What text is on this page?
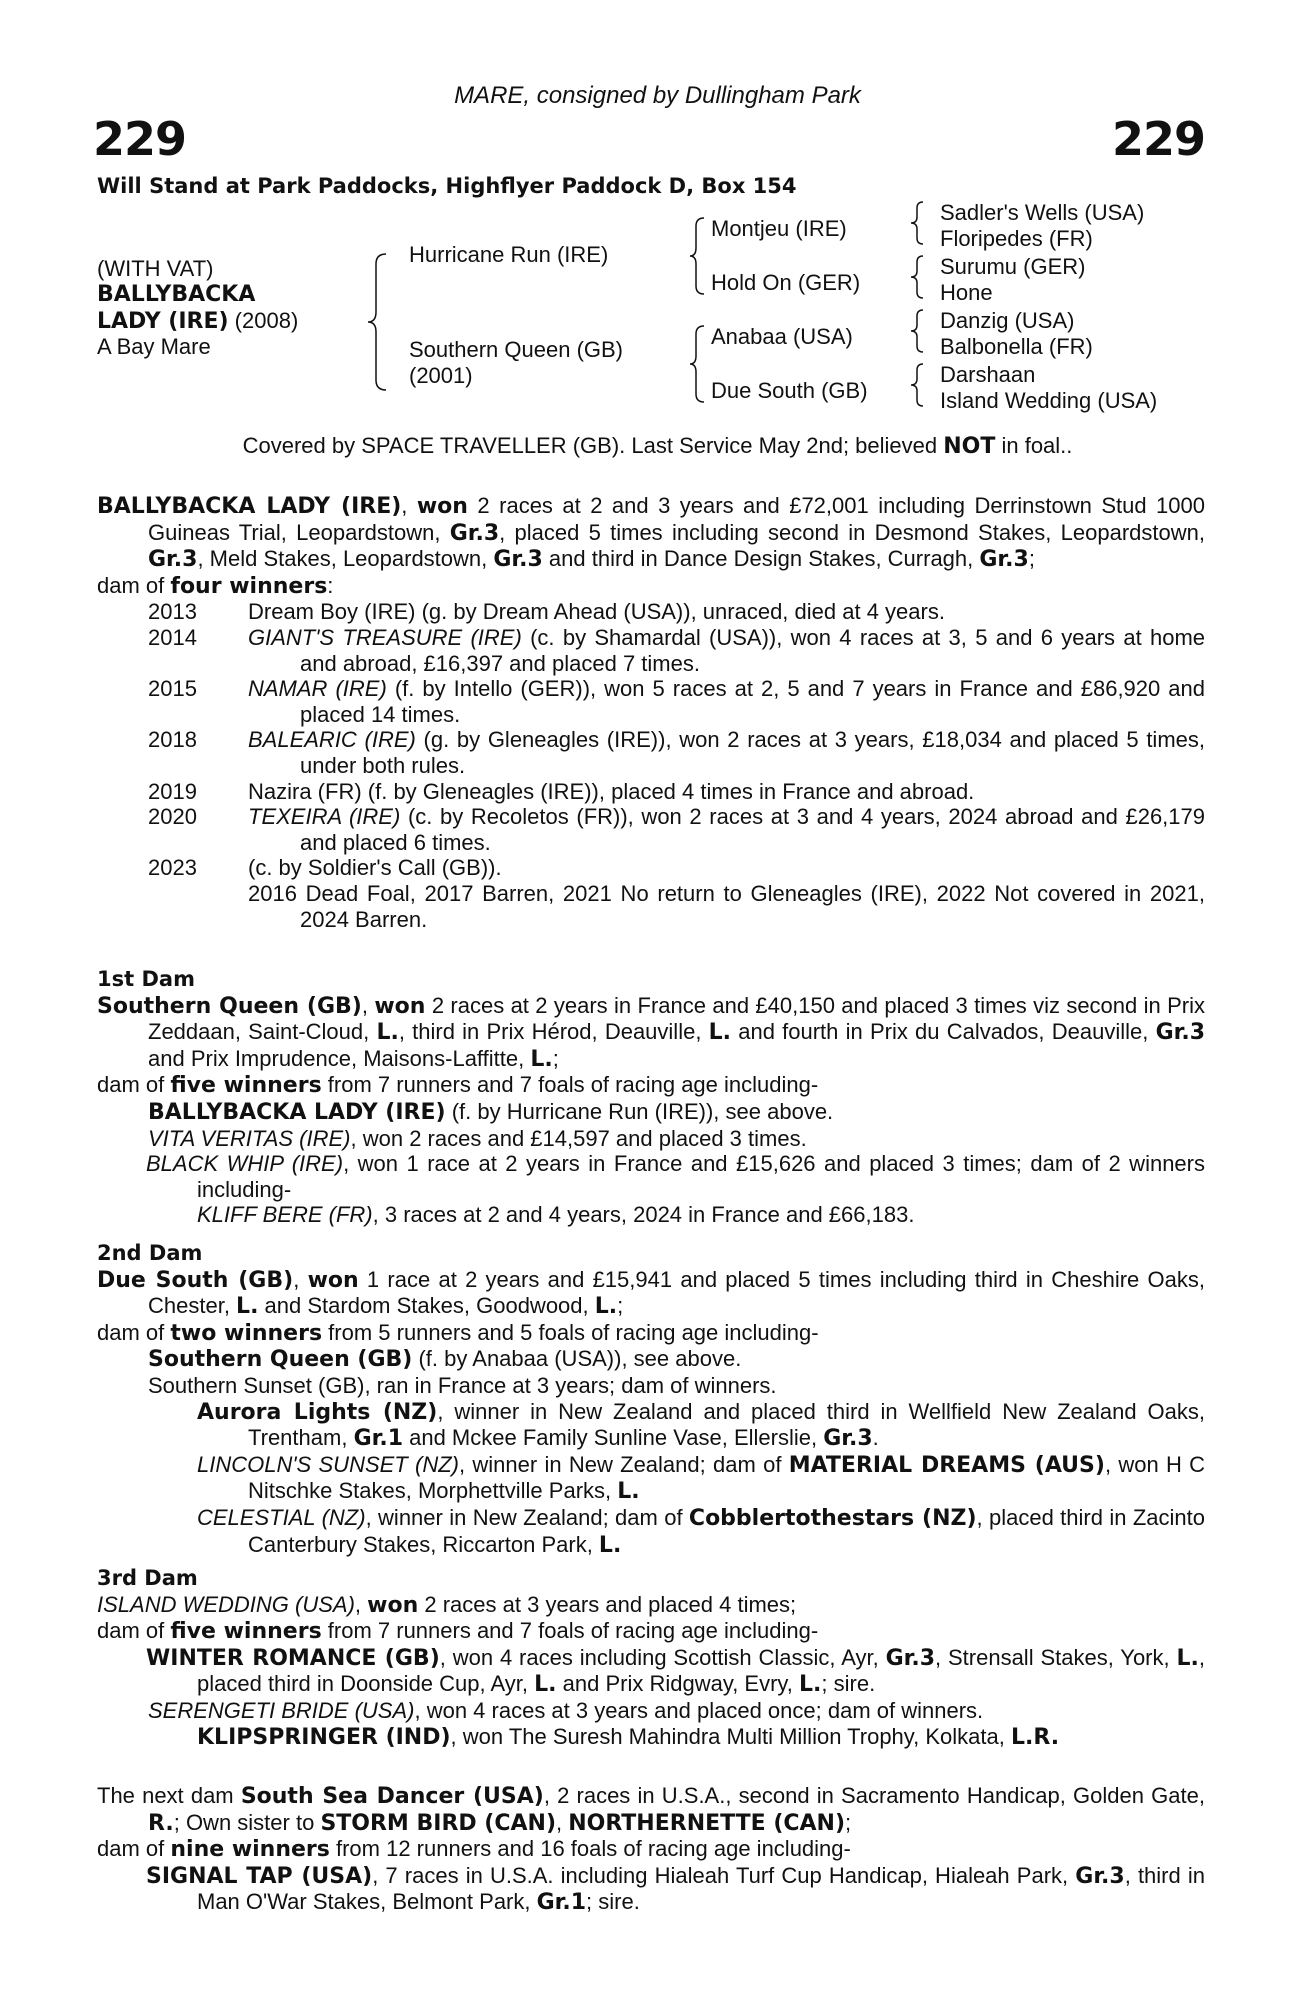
MARE, consigned by Dullingham Park
229	229
Will Stand at Park Paddocks, Highflyer Paddock D, Box 154
(WITH VAT)
BALLYBACKA
LADY (IRE) (2008)
A Bay Mare
Hurricane Run (IRE)
Southern Queen (GB)
(2001)
Montjeu (IRE)
Hold On (GER)
Anabaa (USA)
Due South (GB)
Sadler's Wells (USA)
Floripedes (FR)
Surumu (GER)
Hone
Danzig (USA)
Balbonella (FR)
Darshaan
Island Wedding (USA)
Covered by SPACE TRAVELLER (GB). Last Service May 2nd; believed NOT in foal..

BALLYBACKA LADY (IRE), won 2 races at 2 and 3 years and £72,001 including Derrinstown Stud 1000 Guineas Trial, Leopardstown, Gr.3, placed 5 times including second in Desmond Stakes, Leopardstown, Gr.3, Meld Stakes, Leopardstown, Gr.3 and third in Dance Design Stakes, Curragh, Gr.3;

dam of four winners:

2013	Dream Boy (IRE) (g. by Dream Ahead (USA)), unraced, died at 4 years.
2014	GIANT'S TREASURE (IRE) (c. by Shamardal (USA)), won 4 races at 3, 5 and 6 years at home and abroad, £16,397 and placed 7 times.
2015	NAMAR (IRE) (f. by Intello (GER)), won 5 races at 2, 5 and 7 years in France and £86,920 and placed 14 times.
2018	BALEARIC (IRE) (g. by Gleneagles (IRE)), won 2 races at 3 years, £18,034 and placed 5 times, under both rules.
2019	Nazira (FR) (f. by Gleneagles (IRE)), placed 4 times in France and abroad.
2020	TEXEIRA (IRE) (c. by Recoletos (FR)), won 2 races at 3 and 4 years, 2024 abroad and £26,179 and placed 6 times.
2023	(c. by Soldier's Call (GB)).
2016 Dead Foal, 2017 Barren, 2021 No return to Gleneagles (IRE), 2022 Not covered in 2021, 2024 Barren.

1st Dam

Southern Queen (GB), won 2 races at 2 years in France and £40,150 and placed 3 times viz second in Prix Zeddaan, Saint-Cloud, L., third in Prix Hérod, Deauville, L. and fourth in Prix du Calvados, Deauville, Gr.3 and Prix Imprudence, Maisons-Laffitte, L.;

dam of five winners from 7 runners and 7 foals of racing age including-

BALLYBACKA LADY (IRE) (f. by Hurricane Run (IRE)), see above.

VITA VERITAS (IRE), won 2 races and £14,597 and placed 3 times.

BLACK WHIP (IRE), won 1 race at 2 years in France and £15,626 and placed 3 times; dam of 2 winners including-

KLIFF BERE (FR), 3 races at 2 and 4 years, 2024 in France and £66,183.

2nd Dam

Due South (GB), won 1 race at 2 years and £15,941 and placed 5 times including third in Cheshire Oaks, Chester, L. and Stardom Stakes, Goodwood, L.;

dam of two winners from 5 runners and 5 foals of racing age including-

Southern Queen (GB) (f. by Anabaa (USA)), see above.

Southern Sunset (GB), ran in France at 3 years; dam of winners.

Aurora Lights (NZ), winner in New Zealand and placed third in Wellfield New Zealand Oaks, Trentham, Gr.1 and Mckee Family Sunline Vase, Ellerslie, Gr.3.

LINCOLN'S SUNSET (NZ), winner in New Zealand; dam of MATERIAL DREAMS (AUS), won H C Nitschke Stakes, Morphettville Parks, L.

CELESTIAL (NZ), winner in New Zealand; dam of Cobblertothestars (NZ), placed third in Zacinto Canterbury Stakes, Riccarton Park, L.

3rd Dam

ISLAND WEDDING (USA), won 2 races at 3 years and placed 4 times;

dam of five winners from 7 runners and 7 foals of racing age including-

WINTER ROMANCE (GB), won 4 races including Scottish Classic, Ayr, Gr.3, Strensall Stakes, York, L., placed third in Doonside Cup, Ayr, L. and Prix Ridgway, Evry, L.; sire.

SERENGETI BRIDE (USA), won 4 races at 3 years and placed once; dam of winners.

KLIPSPRINGER (IND), won The Suresh Mahindra Multi Million Trophy, Kolkata, L.R.

The next dam South Sea Dancer (USA), 2 races in U.S.A., second in Sacramento Handicap, Golden Gate, R.; Own sister to STORM BIRD (CAN), NORTHERNETTE (CAN);

dam of nine winners from 12 runners and 16 foals of racing age including-

SIGNAL TAP (USA), 7 races in U.S.A. including Hialeah Turf Cup Handicap, Hialeah Park, Gr.3, third in Man O'War Stakes, Belmont Park, Gr.1; sire.
